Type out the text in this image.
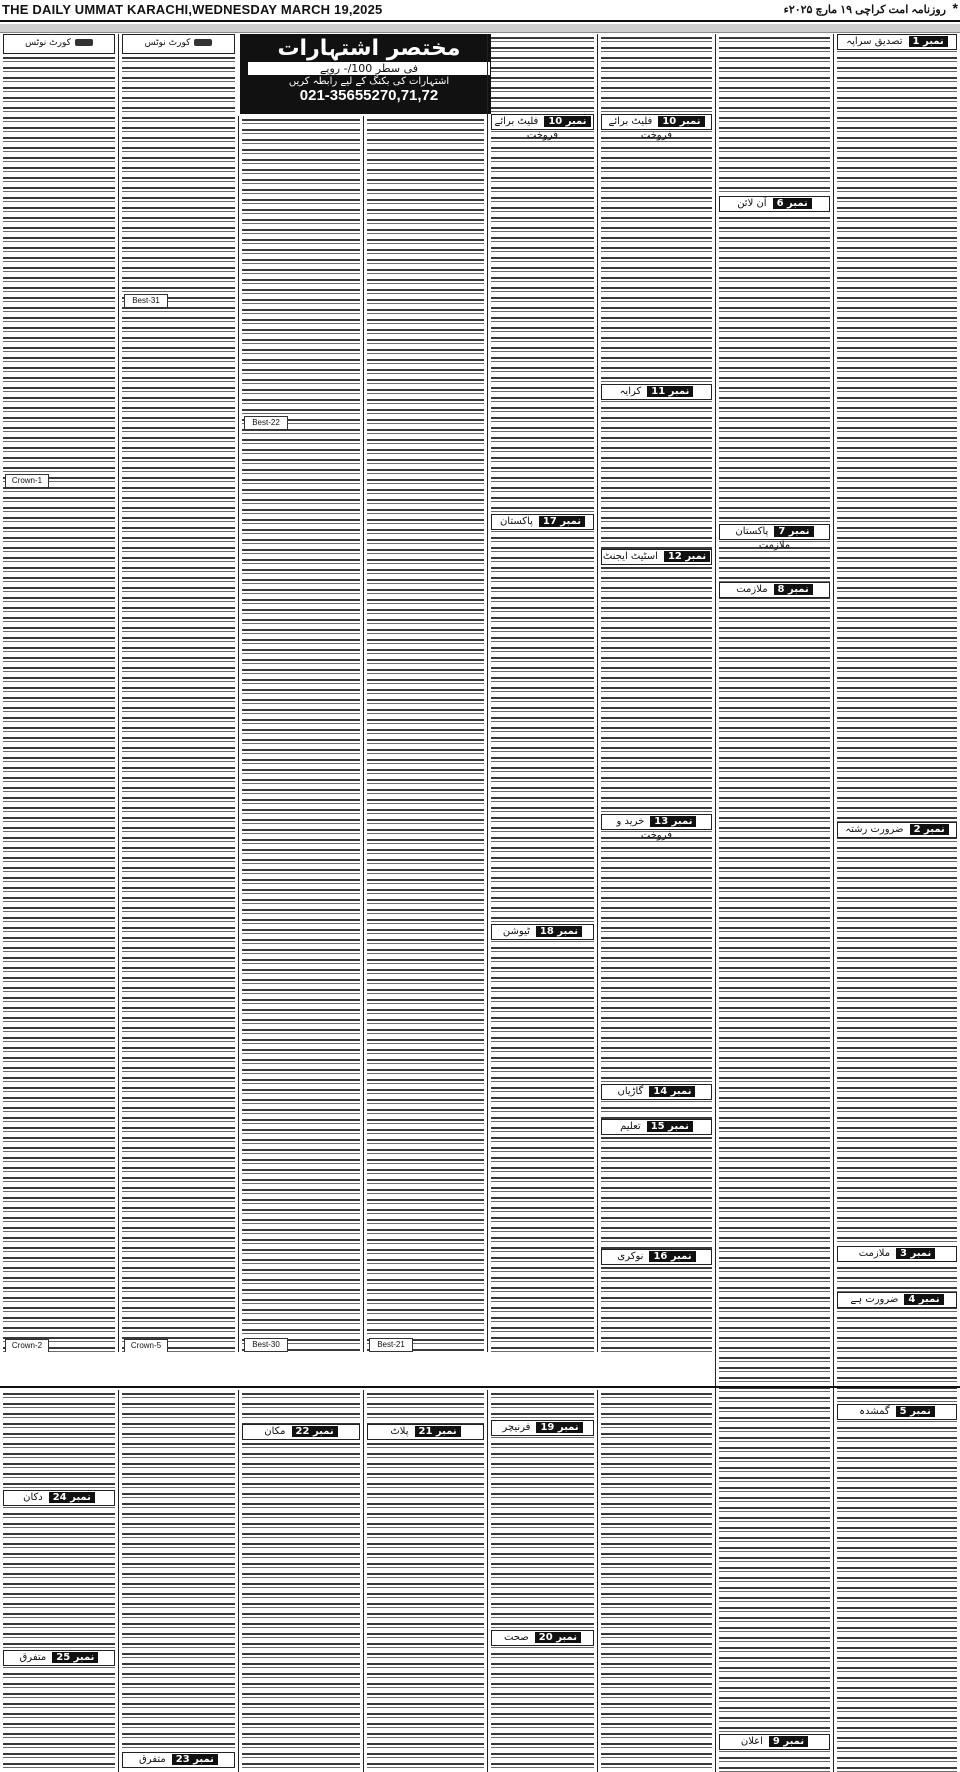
THE DAILY UMMAT KARACHI,WEDNESDAY MARCH 19,2025	روزنامہ امت کراچی ۱۹ مارچ ۲۰۲۵ء *
کورٹ نوٹس
Crown-1
Crown-2
کورٹ نوٹس
Best-31
Crown-5
مختصر اشتہارات
فی سطر 100/- روپے
اشتہارات کی بکنگ کے لیے رابطہ کریں
021-35655270,71,72
Best-22
Best-30	Best-21
نمبر 10فلیٹ برائے فروخت
نمبر 17پاکستان
نمبر 18ٹیوشن
نمبر 10فلیٹ برائے فروخت
نمبر 11کرایہ
نمبر 12اسٹیٹ ایجنٹ
نمبر 13خرید و فروخت
نمبر 14گاڑیاں
نمبر 15تعلیم
نمبر 16نوکری
نمبر 6آن لائن
نمبر 7پاکستان ملازمت
نمبر 8ملازمت
نمبر 9اعلان
نمبر 1تصدیق سراپہ
نمبر 2ضرورت رشتہ
نمبر 3ملازمت
نمبر 4ضرورت ہے
نمبر 5گمشدہ
نمبر 24دکان
نمبر 25متفرق
نمبر 23متفرق
نمبر 22مکان	نمبر 21پلاٹ	نمبر 19فرنیچر
نمبر 20صحت
